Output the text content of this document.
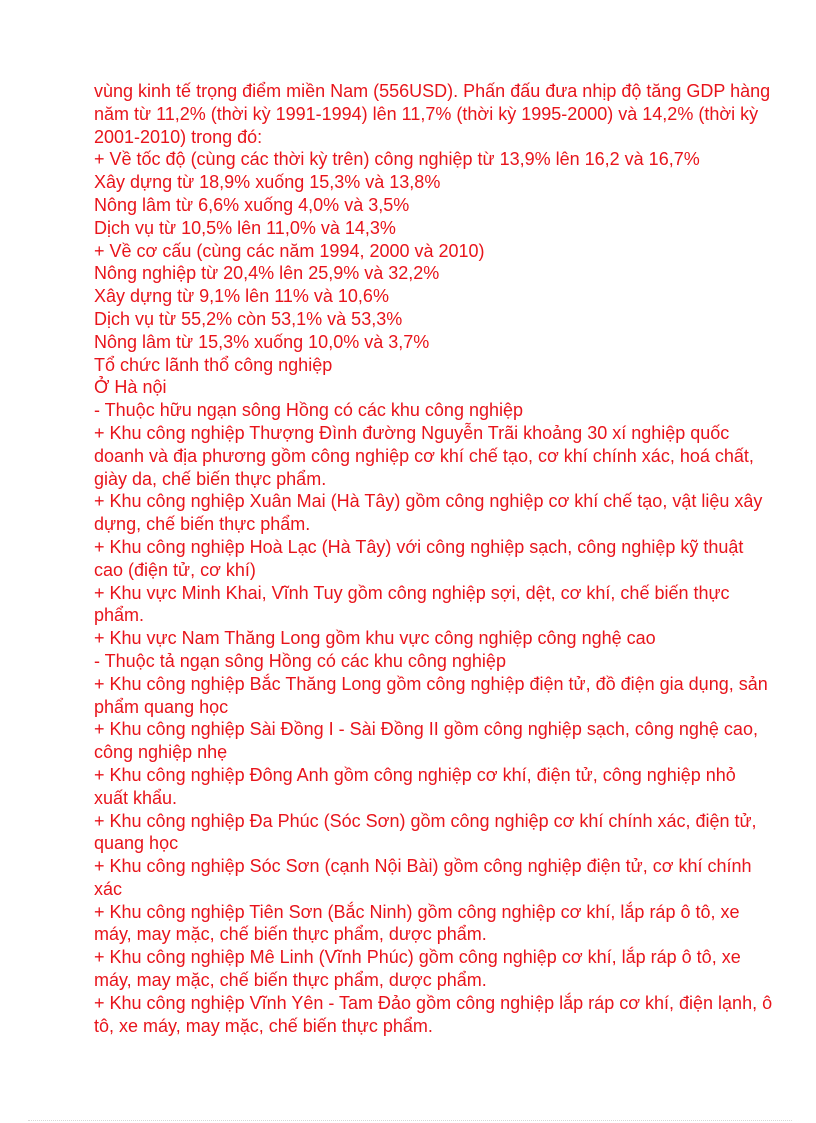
vùng kinh tế trọng điểm miền Nam (556USD). Phấn đấu đưa nhịp độ tăng GDP hàng năm từ 11,2% (thời kỳ 1991-1994) lên 11,7% (thời kỳ 1995-2000) và 14,2% (thời kỳ 2001-2010) trong đó:
+ Về tốc độ (cùng các thời kỳ trên) công nghiệp từ 13,9% lên 16,2 và 16,7%
Xây dựng từ 18,9% xuống 15,3% và 13,8%
Nông lâm từ 6,6% xuống 4,0% và 3,5%
Dịch vụ từ 10,5% lên 11,0% và 14,3%
+ Về cơ cấu (cùng các năm 1994, 2000 và 2010)
Nông nghiệp từ 20,4% lên 25,9% và 32,2%
Xây dựng từ 9,1% lên 11% và 10,6%
Dịch vụ từ 55,2% còn 53,1% và 53,3%
Nông lâm từ 15,3% xuống 10,0% và 3,7%
Tổ chức lãnh thổ công nghiệp
Ở Hà nội
- Thuộc hữu ngạn sông Hồng có các khu công nghiệp
+ Khu công nghiệp Thượng Đình đường Nguyễn Trãi khoảng 30 xí nghiệp quốc doanh và địa phương gồm công nghiệp cơ khí chế tạo, cơ khí chính xác, hoá chất, giày da, chế biến thực phẩm.
+ Khu công nghiệp Xuân Mai (Hà Tây) gồm công nghiệp cơ khí chế tạo, vật liệu xây dựng, chế biến thực phẩm.
+ Khu công nghiệp Hoà Lạc (Hà Tây) với công nghiệp sạch, công nghiệp kỹ thuật cao (điện tử, cơ khí)
+ Khu vực Minh Khai, Vĩnh Tuy gồm công nghiệp sợi, dệt, cơ khí, chế biến thực phẩm.
+ Khu vực Nam Thăng Long gồm khu vực công nghiệp công nghệ cao
- Thuộc tả ngạn sông Hồng có các khu công nghiệp
+ Khu công nghiệp Bắc Thăng Long gồm công nghiệp điện tử, đồ điện gia dụng, sản phẩm quang học
+ Khu công nghiệp Sài Đồng I - Sài Đồng II gồm công nghiệp sạch, công nghệ cao, công nghiệp nhẹ
+ Khu công nghiệp Đông Anh gồm công nghiệp cơ khí, điện tử, công nghiệp nhỏ xuất khẩu.
+ Khu công nghiệp Đa Phúc (Sóc Sơn) gồm công nghiệp cơ khí chính xác, điện tử, quang học
+ Khu công nghiệp Sóc Sơn (cạnh Nội Bài) gồm công nghiệp điện tử, cơ khí chính xác
+ Khu công nghiệp Tiên Sơn (Bắc Ninh) gồm công nghiệp cơ khí, lắp ráp ô tô, xe máy, may mặc, chế biến thực phẩm, dược phẩm.
+ Khu công nghiệp Mê Linh (Vĩnh Phúc) gồm công nghiệp cơ khí, lắp ráp ô tô, xe máy, may mặc, chế biến thực phẩm, dược phẩm.
+ Khu công nghiệp Vĩnh Yên - Tam Đảo gồm công nghiệp lắp ráp cơ khí, điện lạnh, ô tô, xe máy, may mặc, chế biến thực phẩm.
